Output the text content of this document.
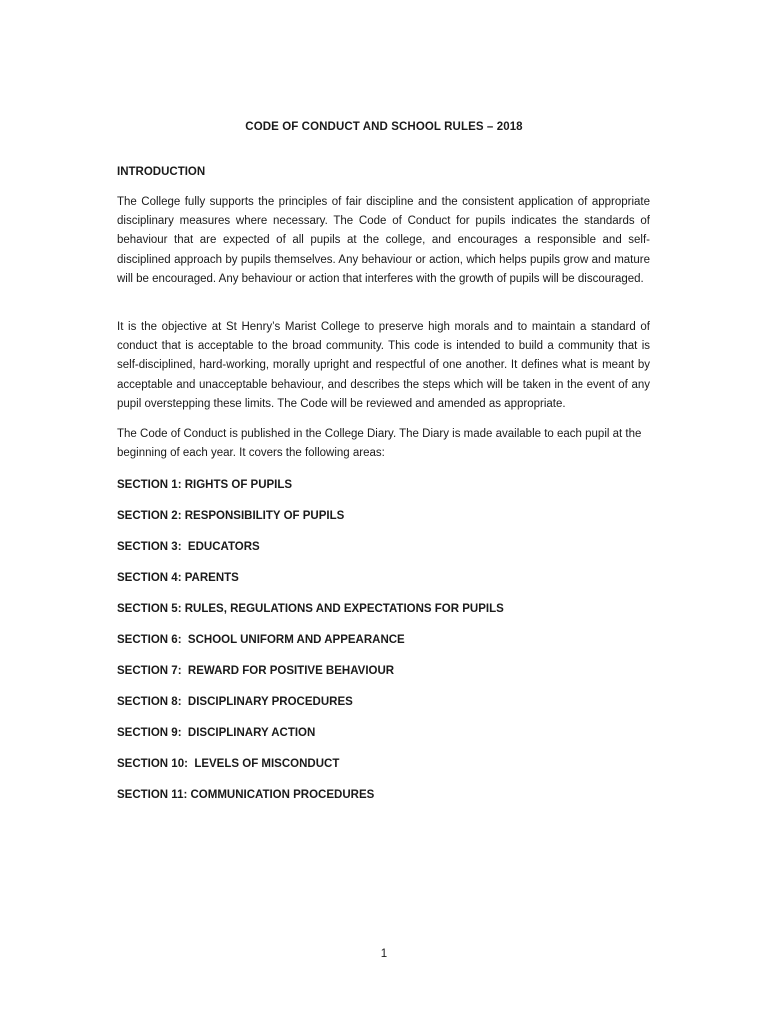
CODE OF CONDUCT AND SCHOOL RULES – 2018
INTRODUCTION

The College fully supports the principles of fair discipline and the consistent application of appropriate disciplinary measures where necessary. The Code of Conduct for pupils indicates the standards of behaviour that are expected of all pupils at the college, and encourages a responsible and self-disciplined approach by pupils themselves. Any behaviour or action, which helps pupils grow and mature will be encouraged. Any behaviour or action that interferes with the growth of pupils will be discouraged.

It is the objective at St Henry’s Marist College to preserve high morals and to maintain a standard of conduct that is acceptable to the broad community. This code is intended to build a community that is self-disciplined, hard-working, morally upright and respectful of one another. It defines what is meant by acceptable and unacceptable behaviour, and describes the steps which will be taken in the event of any pupil overstepping these limits. The Code will be reviewed and amended as appropriate.

The Code of Conduct is published in the College Diary. The Diary is made available to each pupil at the beginning of each year. It covers the following areas:

SECTION 1: RIGHTS OF PUPILS
SECTION 2: RESPONSIBILITY OF PUPILS
SECTION 3:  EDUCATORS
SECTION 4: PARENTS
SECTION 5: RULES, REGULATIONS AND EXPECTATIONS FOR PUPILS
SECTION 6:  SCHOOL UNIFORM AND APPEARANCE
SECTION 7:  REWARD FOR POSITIVE BEHAVIOUR
SECTION 8:  DISCIPLINARY PROCEDURES
SECTION 9:  DISCIPLINARY ACTION
SECTION 10:  LEVELS OF MISCONDUCT
SECTION 11: COMMUNICATION PROCEDURES
1
